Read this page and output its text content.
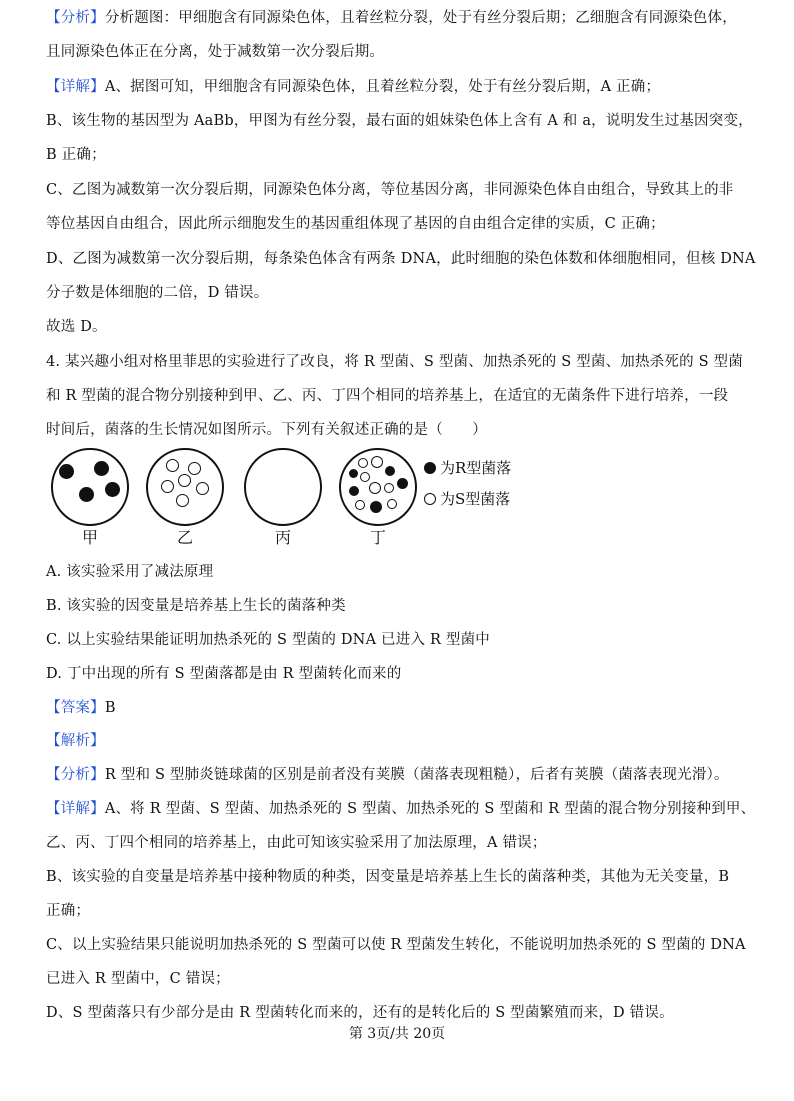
【分析】分析题图：甲细胞含有同源染色体，且着丝粒分裂，处于有丝分裂后期；乙细胞含有同源染色体，
且同源染色体正在分离，处于减数第一次分裂后期。
【详解】A、据图可知，甲细胞含有同源染色体，且着丝粒分裂，处于有丝分裂后期，A 正确；
B、该生物的基因型为 AaBb，甲图为有丝分裂，最右面的姐妹染色体上含有 A 和 a，说明发生过基因突变，
B 正确；
C、乙图为减数第一次分裂后期，同源染色体分离，等位基因分离，非同源染色体自由组合，导致其上的非
等位基因自由组合，因此所示细胞发生的基因重组体现了基因的自由组合定律的实质，C 正确；
D、乙图为减数第一次分裂后期，每条染色体含有两条 DNA，此时细胞的染色体数和体细胞相同，但核 DNA
分子数是体细胞的二倍，D 错误。
故选 D。
4. 某兴趣小组对格里菲思的实验进行了改良，将 R 型菌、S 型菌、加热杀死的 S 型菌、加热杀死的 S 型菌
和 R 型菌的混合物分别接种到甲、乙、丙、丁四个相同的培养基上，在适宜的无菌条件下进行培养，一段
时间后，菌落的生长情况如图所示。下列有关叙述正确的是（　　）
甲	乙	丙	丁
为R型菌落
为S型菌落
A. 该实验采用了减法原理
B. 该实验的因变量是培养基上生长的菌落种类
C. 以上实验结果能证明加热杀死的 S 型菌的 DNA 已进入 R 型菌中
D. 丁中出现的所有 S 型菌落都是由 R 型菌转化而来的
【答案】B
【解析】
【分析】R 型和 S 型肺炎链球菌的区别是前者没有荚膜（菌落表现粗糙），后者有荚膜（菌落表现光滑）。
【详解】A、将 R 型菌、S 型菌、加热杀死的 S 型菌、加热杀死的 S 型菌和 R 型菌的混合物分别接种到甲、
乙、丙、丁四个相同的培养基上，由此可知该实验采用了加法原理，A 错误；
B、该实验的自变量是培养基中接种物质的种类，因变量是培养基上生长的菌落种类，其他为无关变量，B
正确；
C、以上实验结果只能说明加热杀死的 S 型菌可以使 R 型菌发生转化，不能说明加热杀死的 S 型菌的 DNA
已进入 R 型菌中，C 错误；
D、S 型菌落只有少部分是由 R 型菌转化而来的，还有的是转化后的 S 型菌繁殖而来，D 错误。
第 3页/共 20页
